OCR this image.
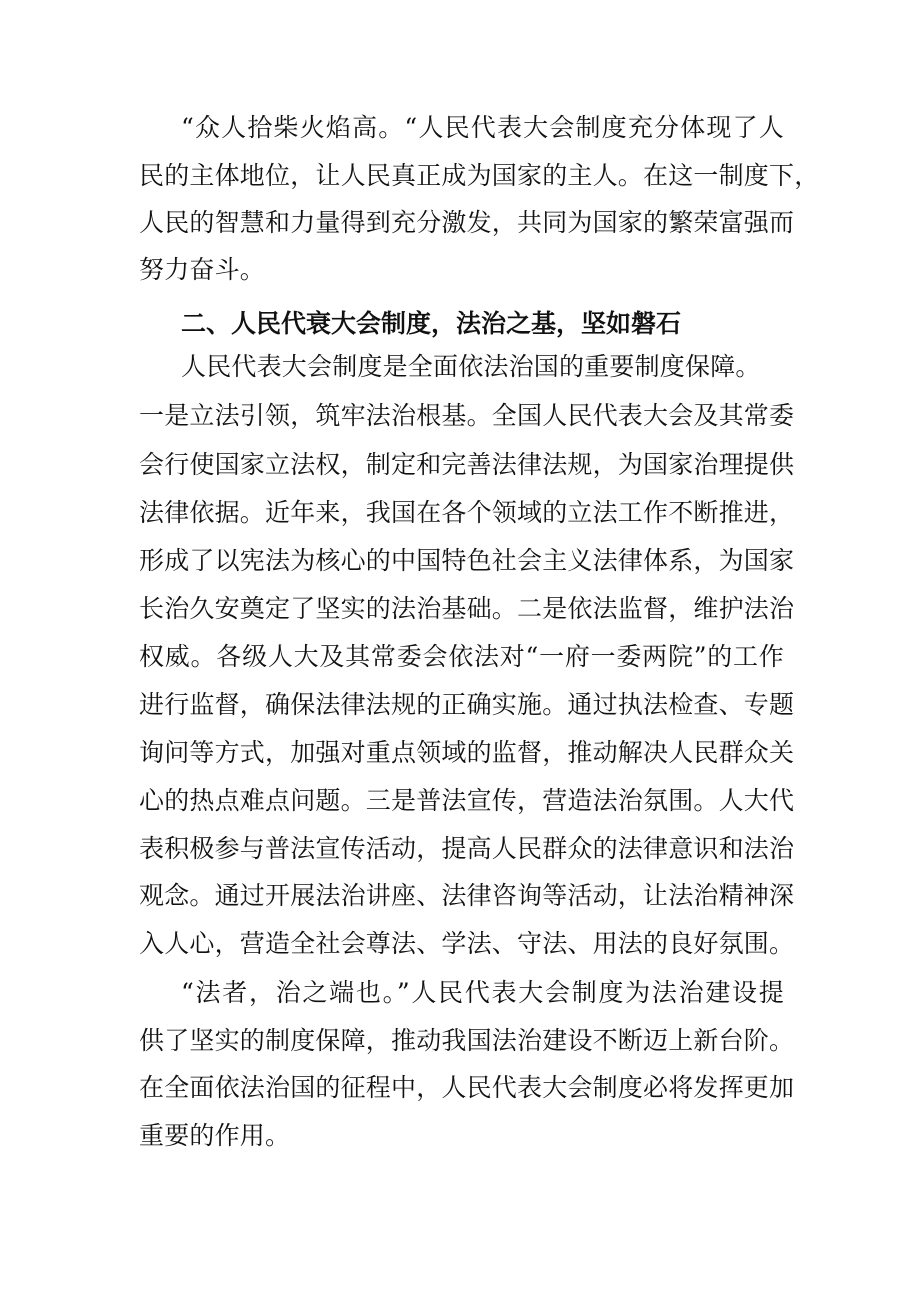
“众人拾柴火焰高。“人民代表大会制度充分体现了人
民的主体地位，让人民真正成为国家的主人。在这一制度下，
人民的智慧和力量得到充分激发，共同为国家的繁荣富强而
努力奋斗。
二、人民代衰大会制度，法治之基，坚如磐石
人民代表大会制度是全面依法治国的重要制度保障。
一是立法引领，筑牢法治根基。全国人民代表大会及其常委
会行使国家立法权，制定和完善法律法规，为国家治理提供
法律依据。近年来，我国在各个领域的立法工作不断推进，
形成了以宪法为核心的中国特色社会主义法律体系，为国家
长治久安奠定了坚实的法治基础。二是依法监督，维护法治
权威。各级人大及其常委会依法对“一府一委两院”的工作
进行监督，确保法律法规的正确实施。通过执法检查、专题
询问等方式，加强对重点领域的监督，推动解决人民群众关
心的热点难点问题。三是普法宣传，营造法治氛围。人大代
表积极参与普法宣传活动，提高人民群众的法律意识和法治
观念。通过开展法治讲座、法律咨询等活动，让法治精神深
入人心，营造全社会尊法、学法、守法、用法的良好氛围。
“法者，治之端也。”人民代表大会制度为法治建设提
供了坚实的制度保障，推动我国法治建设不断迈上新台阶。
在全面依法治国的征程中，人民代表大会制度必将发挥更加
重要的作用。
